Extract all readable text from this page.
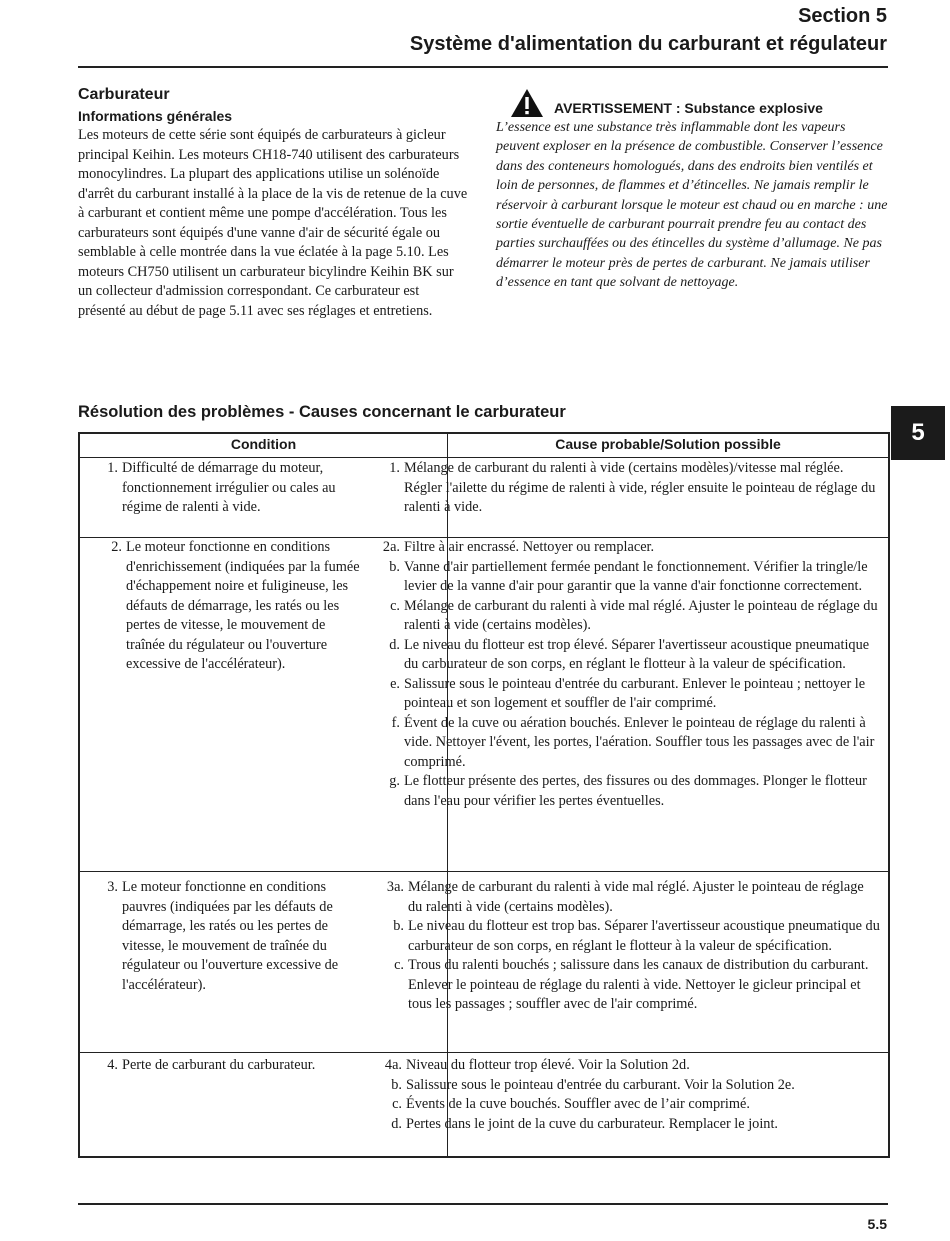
Section 5
Système d'alimentation du carburant et régulateur
5
Carburateur
Informations générales

Les moteurs de cette série sont équipés de carburateurs à gicleur principal Keihin. Les moteurs CH18-740 utilisent des carburateurs monocylindres. La plupart des applications utilise un solénoïde d'arrêt du carburant installé à la place de la vis de retenue de la cuve à carburant et contient même une pompe d'accélération. Tous les carburateurs sont équipés d'une vanne d'air de sécurité égale ou semblable à celle montrée dans la vue éclatée à la page 5.10. Les moteurs CH750 utilisent un carburateur bicylindre Keihin BK sur un collecteur d'admission correspondant. Ce carburateur est présenté au début de page 5.11 avec ses réglages et entretiens.

AVERTISSEMENT : Substance explosive

L’essence est une substance très inflammable dont les vapeurs peuvent exploser en la présence de combustible. Conserver l’essence dans des conteneurs homologués, dans des endroits bien ventilés et loin de personnes, de flammes et d’étincelles. Ne jamais remplir le réservoir à carburant lorsque le moteur est chaud ou en marche : une sortie éventuelle de carburant pourrait prendre feu au contact des parties surchauffées ou des étincelles du système d’allumage. Ne pas démarrer le moteur près de pertes de carburant. Ne jamais utiliser d’essence en tant que solvant de nettoyage.

Résolution des problèmes - Causes concernant le carburateur
Condition	Cause probable/Solution possible
1. Difficulté de démarrage du moteur, fonctionnement irrégulier ou cales au régime de ralenti à vide.
1. Mélange de carburant du ralenti à vide (certains modèles)/vitesse mal réglée. Régler l'ailette du régime de ralenti à vide, régler ensuite le pointeau de réglage du ralenti à vide.
2. Le moteur fonctionne en conditions d'enrichissement (indiquées par la fumée d'échappement noire et fuligineuse, les défauts de démarrage, les ratés ou les pertes de vitesse, le mouvement de traînée du régulateur ou l'ouverture excessive de l'accélérateur).
2a. Filtre à air encrassé. Nettoyer ou remplacer.
b. Vanne d'air partiellement fermée pendant le fonctionnement. Vérifier la tringle/le levier de la vanne d'air pour garantir que la vanne d'air fonctionne correctement.
c. Mélange de carburant du ralenti à vide mal réglé. Ajuster le pointeau de réglage du ralenti à vide (certains modèles).
d. Le niveau du flotteur est trop élevé. Séparer l'avertisseur acoustique pneumatique du carburateur de son corps, en réglant le flotteur à la valeur de spécification.
e. Salissure sous le pointeau d'entrée du carburant. Enlever le pointeau ; nettoyer le pointeau et son logement et souffler de l'air comprimé.
f. Évent de la cuve ou aération bouchés. Enlever le pointeau de réglage du ralenti à vide. Nettoyer l'évent, les portes, l'aération. Souffler tous les passages avec de l'air comprimé.
g. Le flotteur présente des pertes, des fissures ou des dommages. Plonger le flotteur dans l'eau pour vérifier les pertes éventuelles.
3. Le moteur fonctionne en conditions pauvres (indiquées par les défauts de démarrage, les ratés ou les pertes de vitesse, le mouvement de traînée du régulateur ou l'ouverture excessive de l'accélérateur).
3a. Mélange de carburant du ralenti à vide mal réglé. Ajuster le pointeau de réglage du ralenti à vide (certains modèles).
b. Le niveau du flotteur est trop bas. Séparer l'avertisseur acoustique pneumatique du carburateur de son corps, en réglant le flotteur à la valeur de spécification.
c. Trous du ralenti bouchés ; salissure dans les canaux de distribution du carburant. Enlever le pointeau de réglage du ralenti à vide. Nettoyer le gicleur principal et tous les passages ; souffler avec de l'air comprimé.
4. Perte de carburant du carburateur.	4a. Niveau du flotteur trop élevé. Voir la Solution 2d.
b. Salissure sous le pointeau d'entrée du carburant. Voir la Solution 2e.
c. Évents de la cuve bouchés. Souffler avec de l’air comprimé.
d. Pertes dans le joint de la cuve du carburateur. Remplacer le joint.
5.5
